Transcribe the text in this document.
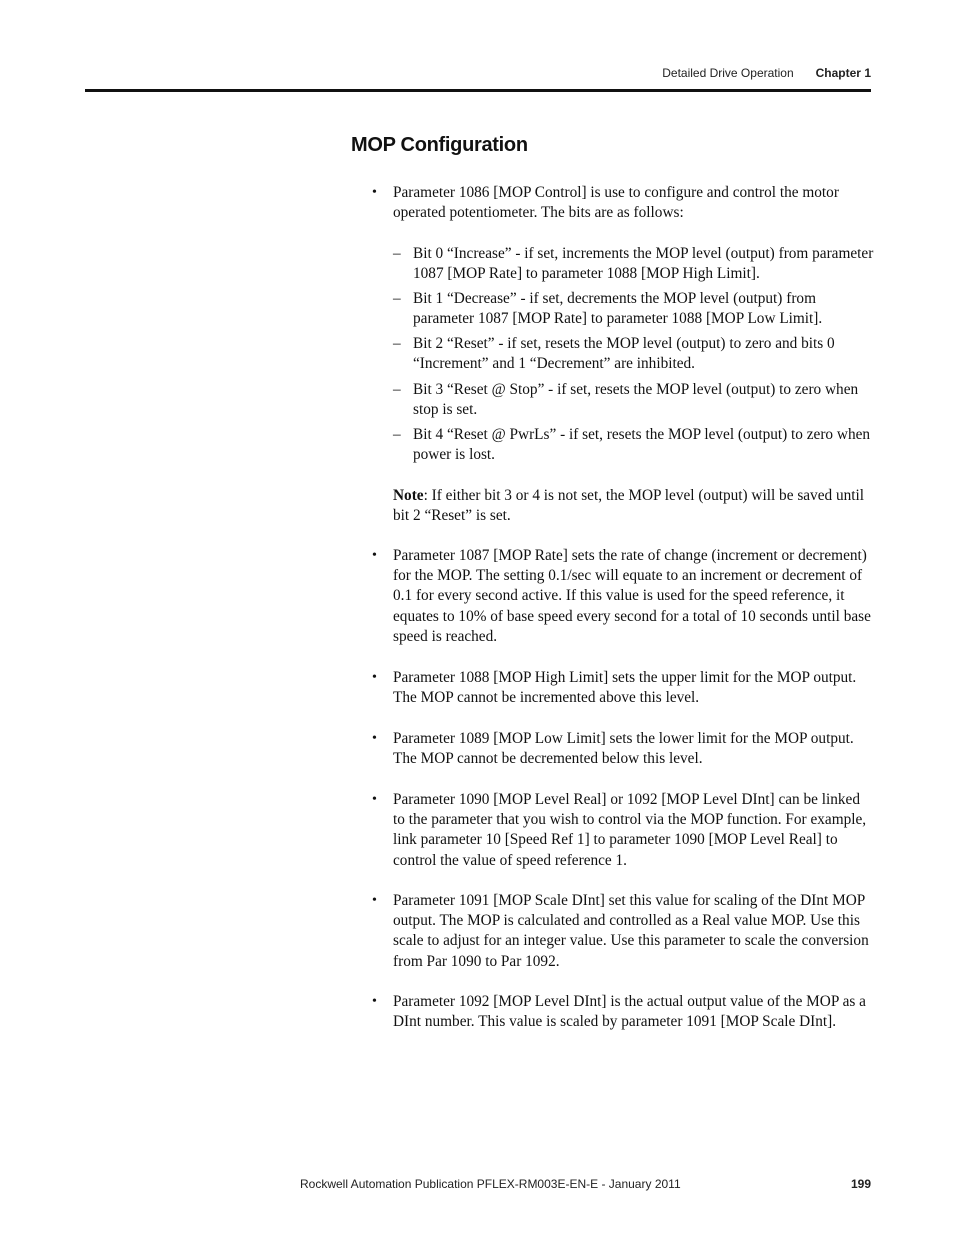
Detailed Drive Operation Chapter 1
MOP Configuration
• Parameter 1086 [MOP Control] is use to configure and control the motor operated potentiometer. The bits are as follows:
– Bit 0 “Increase” - if set, increments the MOP level (output) from parameter 1087 [MOP Rate] to parameter 1088 [MOP High Limit].
– Bit 1 “Decrease” - if set, decrements the MOP level (output) from parameter 1087 [MOP Rate] to parameter 1088 [MOP Low Limit].
– Bit 2 “Reset” - if set, resets the MOP level (output) to zero and bits 0 “Increment” and 1 “Decrement” are inhibited.
– Bit 3 “Reset @ Stop” - if set, resets the MOP level (output) to zero when stop is set.
– Bit 4 “Reset @ PwrLs” - if set, resets the MOP level (output) to zero when power is lost.
Note: If either bit 3 or 4 is not set, the MOP level (output) will be saved until bit 2 “Reset” is set.
• Parameter 1087 [MOP Rate] sets the rate of change (increment or decrement) for the MOP. The setting 0.1/sec will equate to an increment or decrement of 0.1 for every second active. If this value is used for the speed reference, it equates to 10% of base speed every second for a total of 10 seconds until base speed is reached.
• Parameter 1088 [MOP High Limit] sets the upper limit for the MOP output. The MOP cannot be incremented above this level.
• Parameter 1089 [MOP Low Limit] sets the lower limit for the MOP output. The MOP cannot be decremented below this level.
• Parameter 1090 [MOP Level Real] or 1092 [MOP Level DInt] can be linked to the parameter that you wish to control via the MOP function. For example, link parameter 10 [Speed Ref 1] to parameter 1090 [MOP Level Real] to control the value of speed reference 1.
• Parameter 1091 [MOP Scale DInt] set this value for scaling of the DInt MOP output. The MOP is calculated and controlled as a Real value MOP. Use this scale to adjust for an integer value. Use this parameter to scale the conversion from Par 1090 to Par 1092.
• Parameter 1092 [MOP Level DInt] is the actual output value of the MOP as a DInt number. This value is scaled by parameter 1091 [MOP Scale DInt].
Rockwell Automation Publication PFLEX-RM003E-EN-E - January 2011	199
